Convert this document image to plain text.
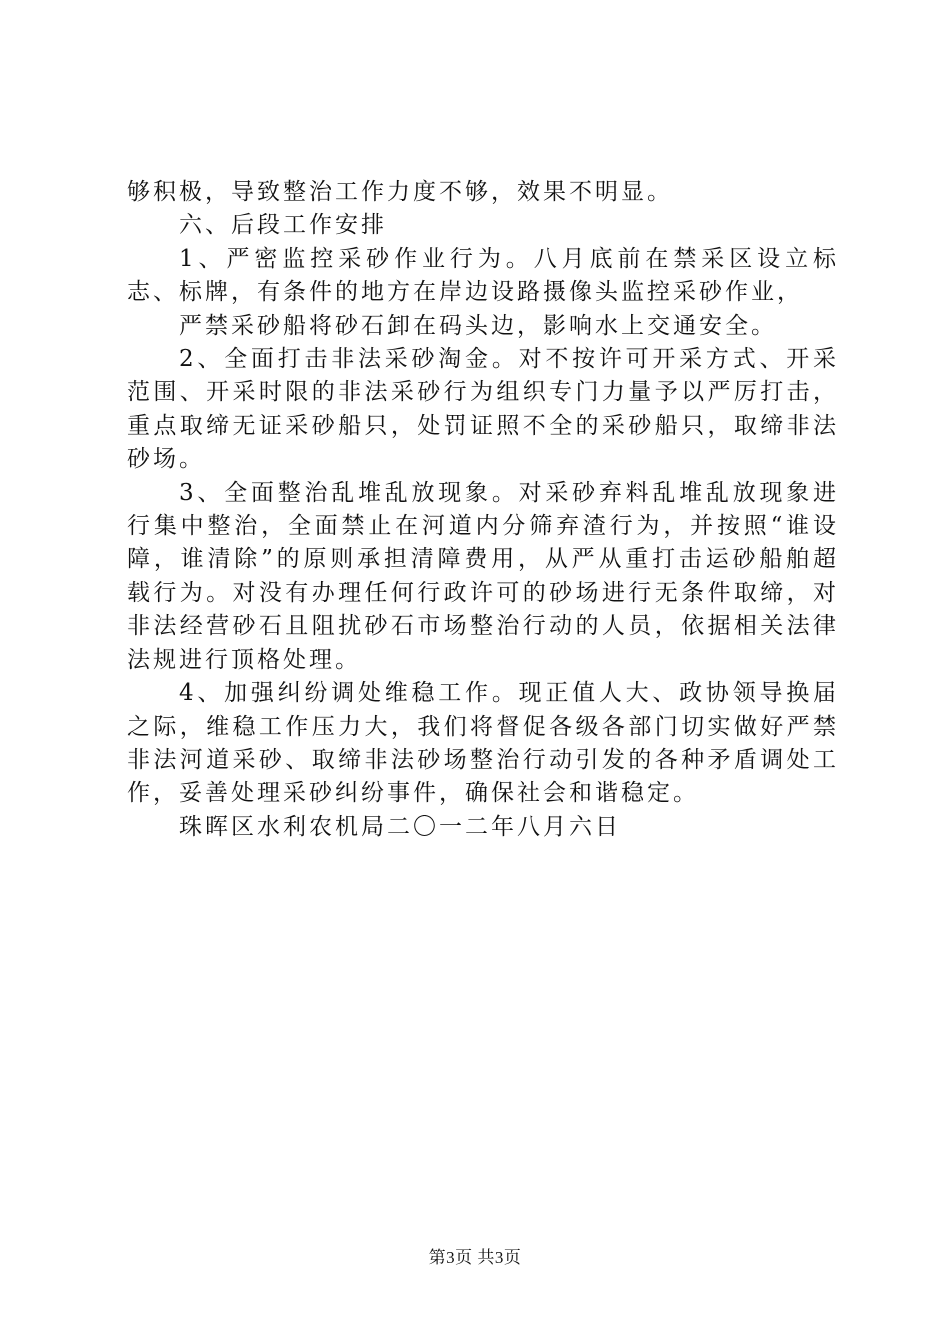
够积极，导致整治工作力度不够，效果不明显。

六、后段工作安排

1、严密监控采砂作业行为。八月底前在禁采区设立标志、标牌，有条件的地方在岸边设路摄像头监控采砂作业，

严禁采砂船将砂石卸在码头边，影响水上交通安全。

2、全面打击非法采砂淘金。对不按许可开采方式、开采范围、开采时限的非法采砂行为组织专门力量予以严厉打击，重点取缔无证采砂船只，处罚证照不全的采砂船只，取缔非法砂场。

3、全面整治乱堆乱放现象。对采砂弃料乱堆乱放现象进行集中整治，全面禁止在河道内分筛弃渣行为，并按照“谁设障，谁清除”的原则承担清障费用，从严从重打击运砂船舶超载行为。对没有办理任何行政许可的砂场进行无条件取缔，对非法经营砂石且阻扰砂石市场整治行动的人员，依据相关法律法规进行顶格处理。

4、加强纠纷调处维稳工作。现正值人大、政协领导换届之际，维稳工作压力大，我们将督促各级各部门切实做好严禁非法河道采砂、取缔非法砂场整治行动引发的各种矛盾调处工作，妥善处理采砂纠纷事件，确保社会和谐稳定。

珠晖区水利农机局二〇一二年八月六日

第3页 共3页
